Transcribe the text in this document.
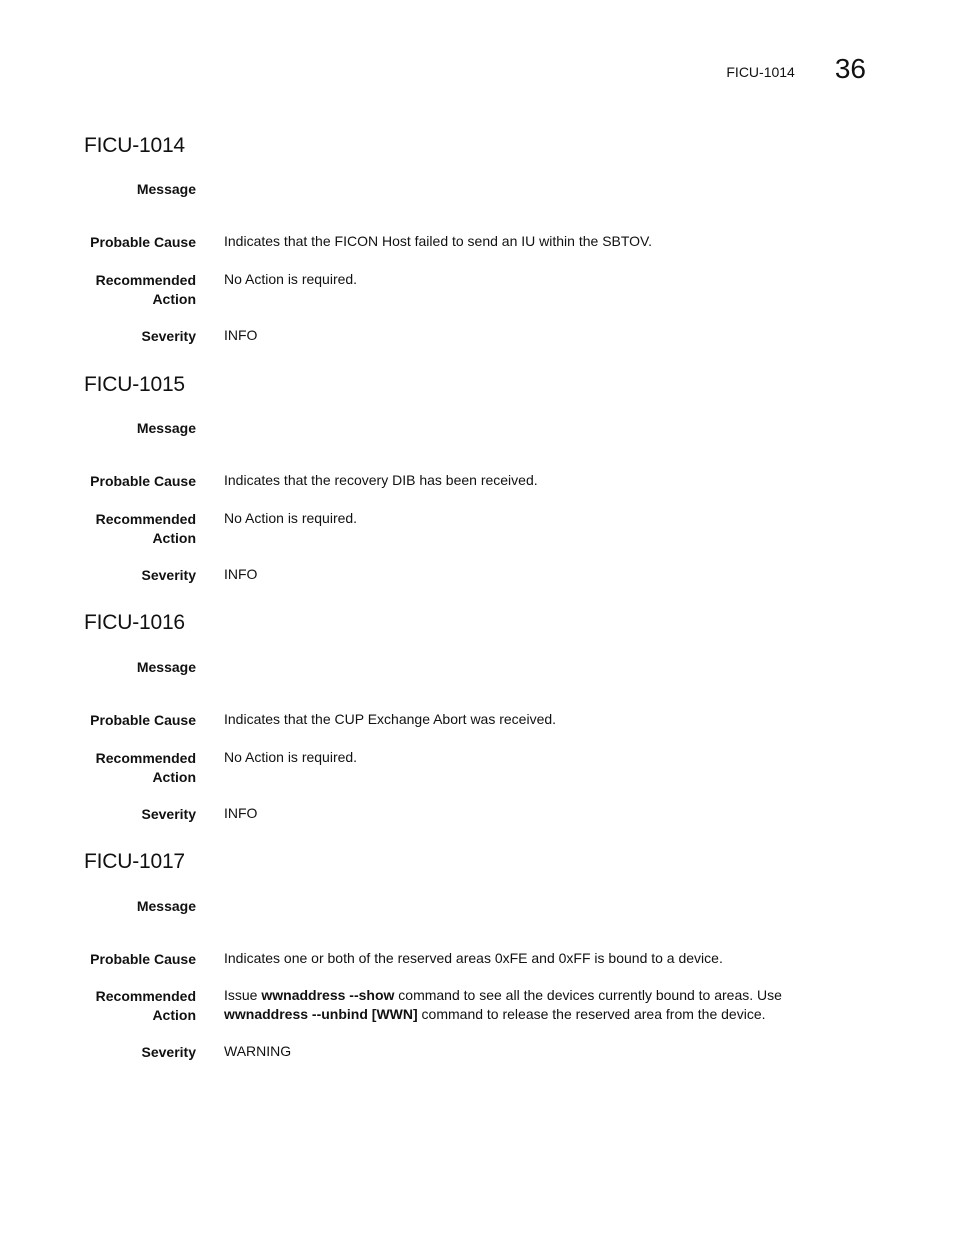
FICU-1014 36
FICU-1014
Message
Probable Cause Indicates that the FICON Host failed to send an IU within the SBTOV.
Recommended
Action
No Action is required.
Severity INFO
FICU-1015
Message
Probable Cause Indicates that the recovery DIB has been received.
Recommended
Action
No Action is required.
Severity INFO
FICU-1016
Message
Probable Cause Indicates that the CUP Exchange Abort was received.
Recommended
Action
No Action is required.
Severity INFO
FICU-1017
Message
Probable Cause Indicates one or both of the reserved areas 0xFE and 0xFF is bound to a device.
Recommended
Action
Issue wwnaddress --show command to see all the devices currently bound to areas. Use
wwnaddress --unbind [WWN] command to release the reserved area from the device.
Severity WARNING
